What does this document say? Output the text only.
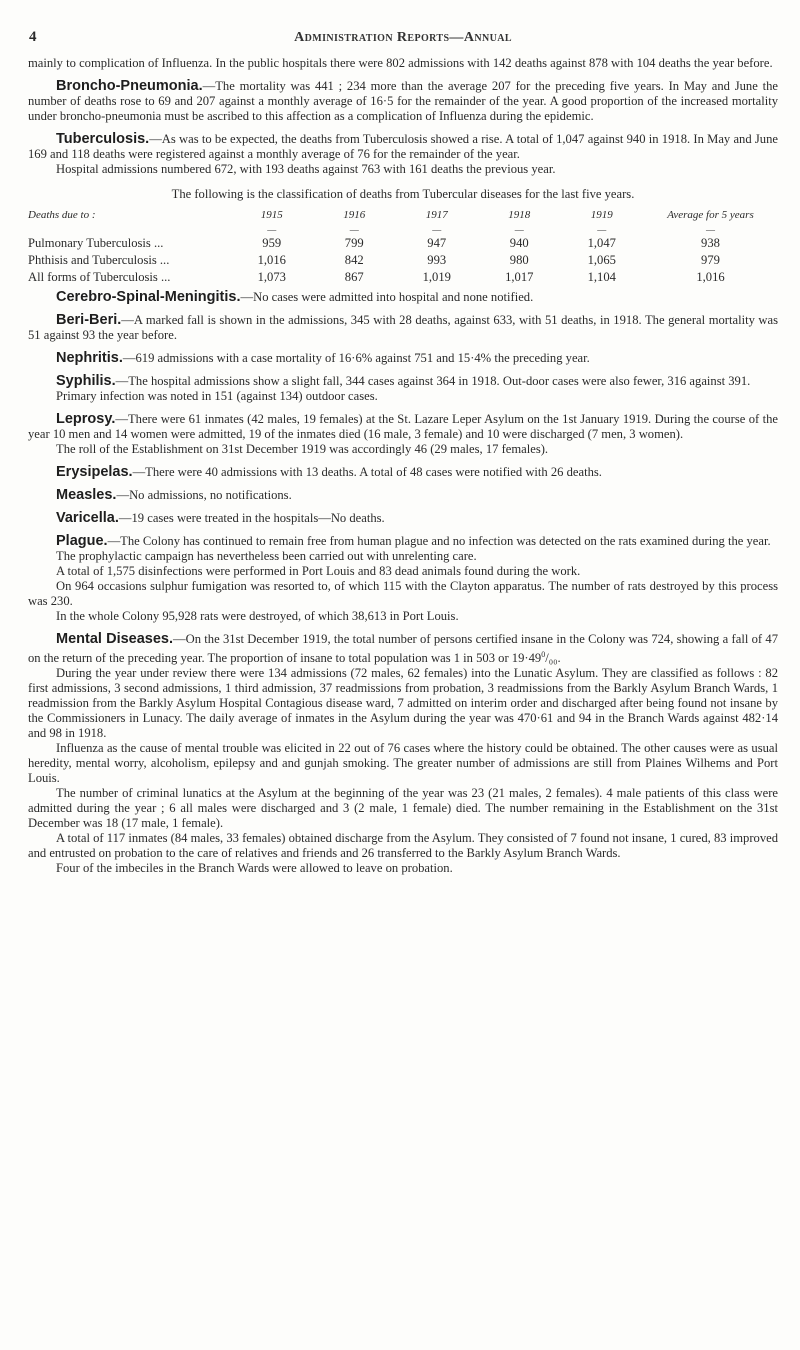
4	Administration Reports—Annual

mainly to complication of Influenza. In the public hospitals there were 802 admissions with 142 deaths against 878 with 104 deaths the year before.

Broncho-Pneumonia.—The mortality was 441 ; 234 more than the average 207 for the preceding five years. In May and June the number of deaths rose to 69 and 207 against a monthly average of 16·5 for the remainder of the year. A good proportion of the increased mortality under broncho-pneumonia must be ascribed to this affection as a complication of Influenza during the epidemic.

Tuberculosis.—As was to be expected, the deaths from Tuberculosis showed a rise. A total of 1,047 against 940 in 1918. In May and June 169 and 118 deaths were registered against a monthly average of 76 for the remainder of the year.

Hospital admissions numbered 672, with 193 deaths against 763 with 161 deaths the previous year.

The following is the classification of deaths from Tubercular diseases for the last five years.

Deaths due to :	1915	1916	1917	1918	1919	Average for 5 years
	—	—	—	—	—	—
Pulmonary Tuberculosis ...	959	799	947	940	1,047	938
Phthisis and Tuberculosis ...	1,016	842	993	980	1,065	979
All forms of Tuberculosis ...	1,073	867	1,019	1,017	1,104	1,016

Cerebro-Spinal-Meningitis.—No cases were admitted into hospital and none notified.

Beri-Beri.—A marked fall is shown in the admissions, 345 with 28 deaths, against 633, with 51 deaths, in 1918. The general mortality was 51 against 93 the year before.

Nephritis.—619 admissions with a case mortality of 16·6% against 751 and 15·4% the preceding year.

Syphilis.—The hospital admissions show a slight fall, 344 cases against 364 in 1918. Out-door cases were also fewer, 316 against 391.

Primary infection was noted in 151 (against 134) outdoor cases.

Leprosy.—There were 61 inmates (42 males, 19 females) at the St. Lazare Leper Asylum on the 1st January 1919. During the course of the year 10 men and 14 women were admitted, 19 of the inmates died (16 male, 3 female) and 10 were discharged (7 men, 3 women).

The roll of the Establishment on 31st December 1919 was accordingly 46 (29 males, 17 females).

Erysipelas.—There were 40 admissions with 13 deaths. A total of 48 cases were notified with 26 deaths.

Measles.—No admissions, no notifications.

Varicella.—19 cases were treated in the hospitals—No deaths.

Plague.—The Colony has continued to remain free from human plague and no infection was detected on the rats examined during the year.

The prophylactic campaign has nevertheless been carried out with unrelenting care.

A total of 1,575 disinfections were performed in Port Louis and 83 dead animals found during the work.

On 964 occasions sulphur fumigation was resorted to, of which 115 with the Clayton apparatus. The number of rats destroyed by this process was 230.

In the whole Colony 95,928 rats were destroyed, of which 38,613 in Port Louis.

Mental Diseases.—On the 31st December 1919, the total number of persons certified insane in the Colony was 724, showing a fall of 47 on the return of the preceding year. The proportion of insane to total population was 1 in 503 or $19\cdot 49^0/_{00}$.

During the year under review there were 134 admissions (72 males, 62 females) into the Lunatic Asylum. They are classified as follows : 82 first admissions, 3 second admissions, 1 third admission, 37 readmissions from probation, 3 readmissions from the Barkly Asylum Branch Wards, 1 readmission from the Barkly Asylum Hospital Contagious disease ward, 7 admitted on interim order and discharged after being found not insane by the Commissioners in Lunacy. The daily average of inmates in the Asylum during the year was 470·61 and 94 in the Branch Wards against 482·14 and 98 in 1918.

Influenza as the cause of mental trouble was elicited in 22 out of 76 cases where the history could be obtained. The other causes were as usual heredity, mental worry, alcoholism, epilepsy and and gunjah smoking. The greater number of admissions are still from Plaines Wilhems and Port Louis.

The number of criminal lunatics at the Asylum at the beginning of the year was 23 (21 males, 2 females). 4 male patients of this class were admitted during the year ; 6 all males were discharged and 3 (2 male, 1 female) died. The number remaining in the Establishment on the 31st December was 18 (17 male, 1 female).

A total of 117 inmates (84 males, 33 females) obtained discharge from the Asylum. They consisted of 7 found not insane, 1 cured, 83 improved and entrusted on probation to the care of relatives and friends and 26 transferred to the Barkly Asylum Branch Wards.

Four of the imbeciles in the Branch Wards were allowed to leave on probation.
